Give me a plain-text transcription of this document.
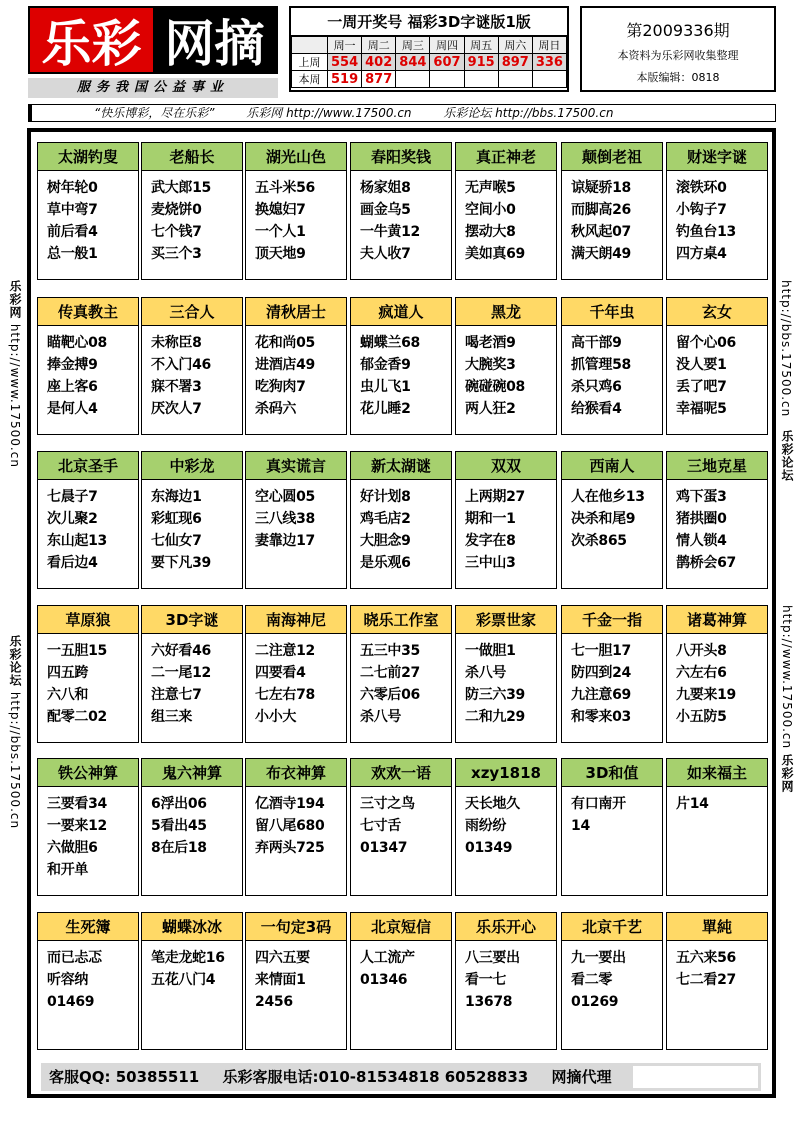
乐彩 网摘
服务我国公益事业
一周开奖号 福彩3D字谜版1版
	周一	周二	周三	周四	周五	周六	周日
上周	554	402	844	607	915	897	336
本周	519	877					
第2009336期
本资料为乐彩网收集整理
本版编辑：0818
“快乐博彩，尽在乐彩”	乐彩网 http://www.17500.cn	乐彩论坛 http://bbs.17500.cn
乐彩网 http://www.17500.cn
乐彩论坛 http://bbs.17500.cn
http://bbs.17500.cn
乐彩论坛
http://www.17500.cn 乐彩网
太湖钓叟
树年轮0
草中弯7
前后看4
总一般1
老船长
武大郎15
麦烧饼0
七个钱7
买三个3
湖光山色
五斗米56
换媳妇7
一个人1
顶天地9
春阳奖钱
杨家姐8
画金乌5
一牛黄12
夫人收7
真正神老
无声喉5
空间小0
摆动大8
美如真69
颠倒老祖
谅疑骄18
而脚高26
秋风起07
满天朗49
财迷字谜
滚铁环0
小钩子7
钓鱼台13
四方桌4
传真教主
瞄靶心08
捧金搏9
座上客6
是何人4
三合人
未称臣8
不入门46
寐不署3
厌次人7
清秋居士
花和尚05
进酒店49
吃狗肉7
杀码六
疯道人
蝴蝶兰68
郁金香9
虫儿飞1
花儿睡2
黑龙
喝老酒9
大腕奖3
碗碰碗08
两人狂2
千年虫
高干部9
抓管理58
杀只鸡6
给猴看4
玄女
留个心06
没人要1
丢了吧7
幸福呢5
北京圣手
七晨子7
次儿聚2
东山起13
看后边4
中彩龙
东海边1
彩虹现6
七仙女7
要下凡39
真实谎言
空心圆05
三八线38
妻靠边17
新太湖谜
好计划8
鸡毛店2
大胆念9
是乐观6
双双
上两期27
期和一1
发字在8
三中山3
西南人
人在他乡13
决杀和尾9
次杀865
三地克星
鸡下蛋3
猪拱圈0
情人锁4
鹊桥会67
草原狼
一五胆15
四五跨
六八和
配零二02
3D字谜
六好看46
二一尾12
注意七7
组三来
南海神尼
二注意12
四要看4
七左右78
小小大
晓乐工作室
五三中35
二七前27
六零后06
杀八号
彩票世家
一做胆1
杀八号
防三六39
二和九29
千金一指
七一胆17
防四到24
九注意69
和零来03
诸葛神算
八开头8
六左右6
九要来19
小五防5
铁公神算
三要看34
一要来12
六做胆6
和开单
鬼六神算
6浮出06
5看出45
8在后18
布衣神算
亿酒寺194
留八尾680
弃两头725
欢欢一语
三寸之鸟
七寸舌
01347
xzy1818
天长地久
雨纷纷
01349
3D和值
有口南开
14
如来福主
片14
生死簿
而已忐忑
听容纳
01469
蝴蝶冰冰
笔走龙蛇16
五花八门4
一句定3码
四六五要
来情面1
2456
北京短信
人工流产
01346
乐乐开心
八三要出
看一七
13678
北京千艺
九一要出
看二零
01269
單純
五六来56
七二看27
客服QQ: 50385511 乐彩客服电话:010-81534818 60528833 网摘代理
